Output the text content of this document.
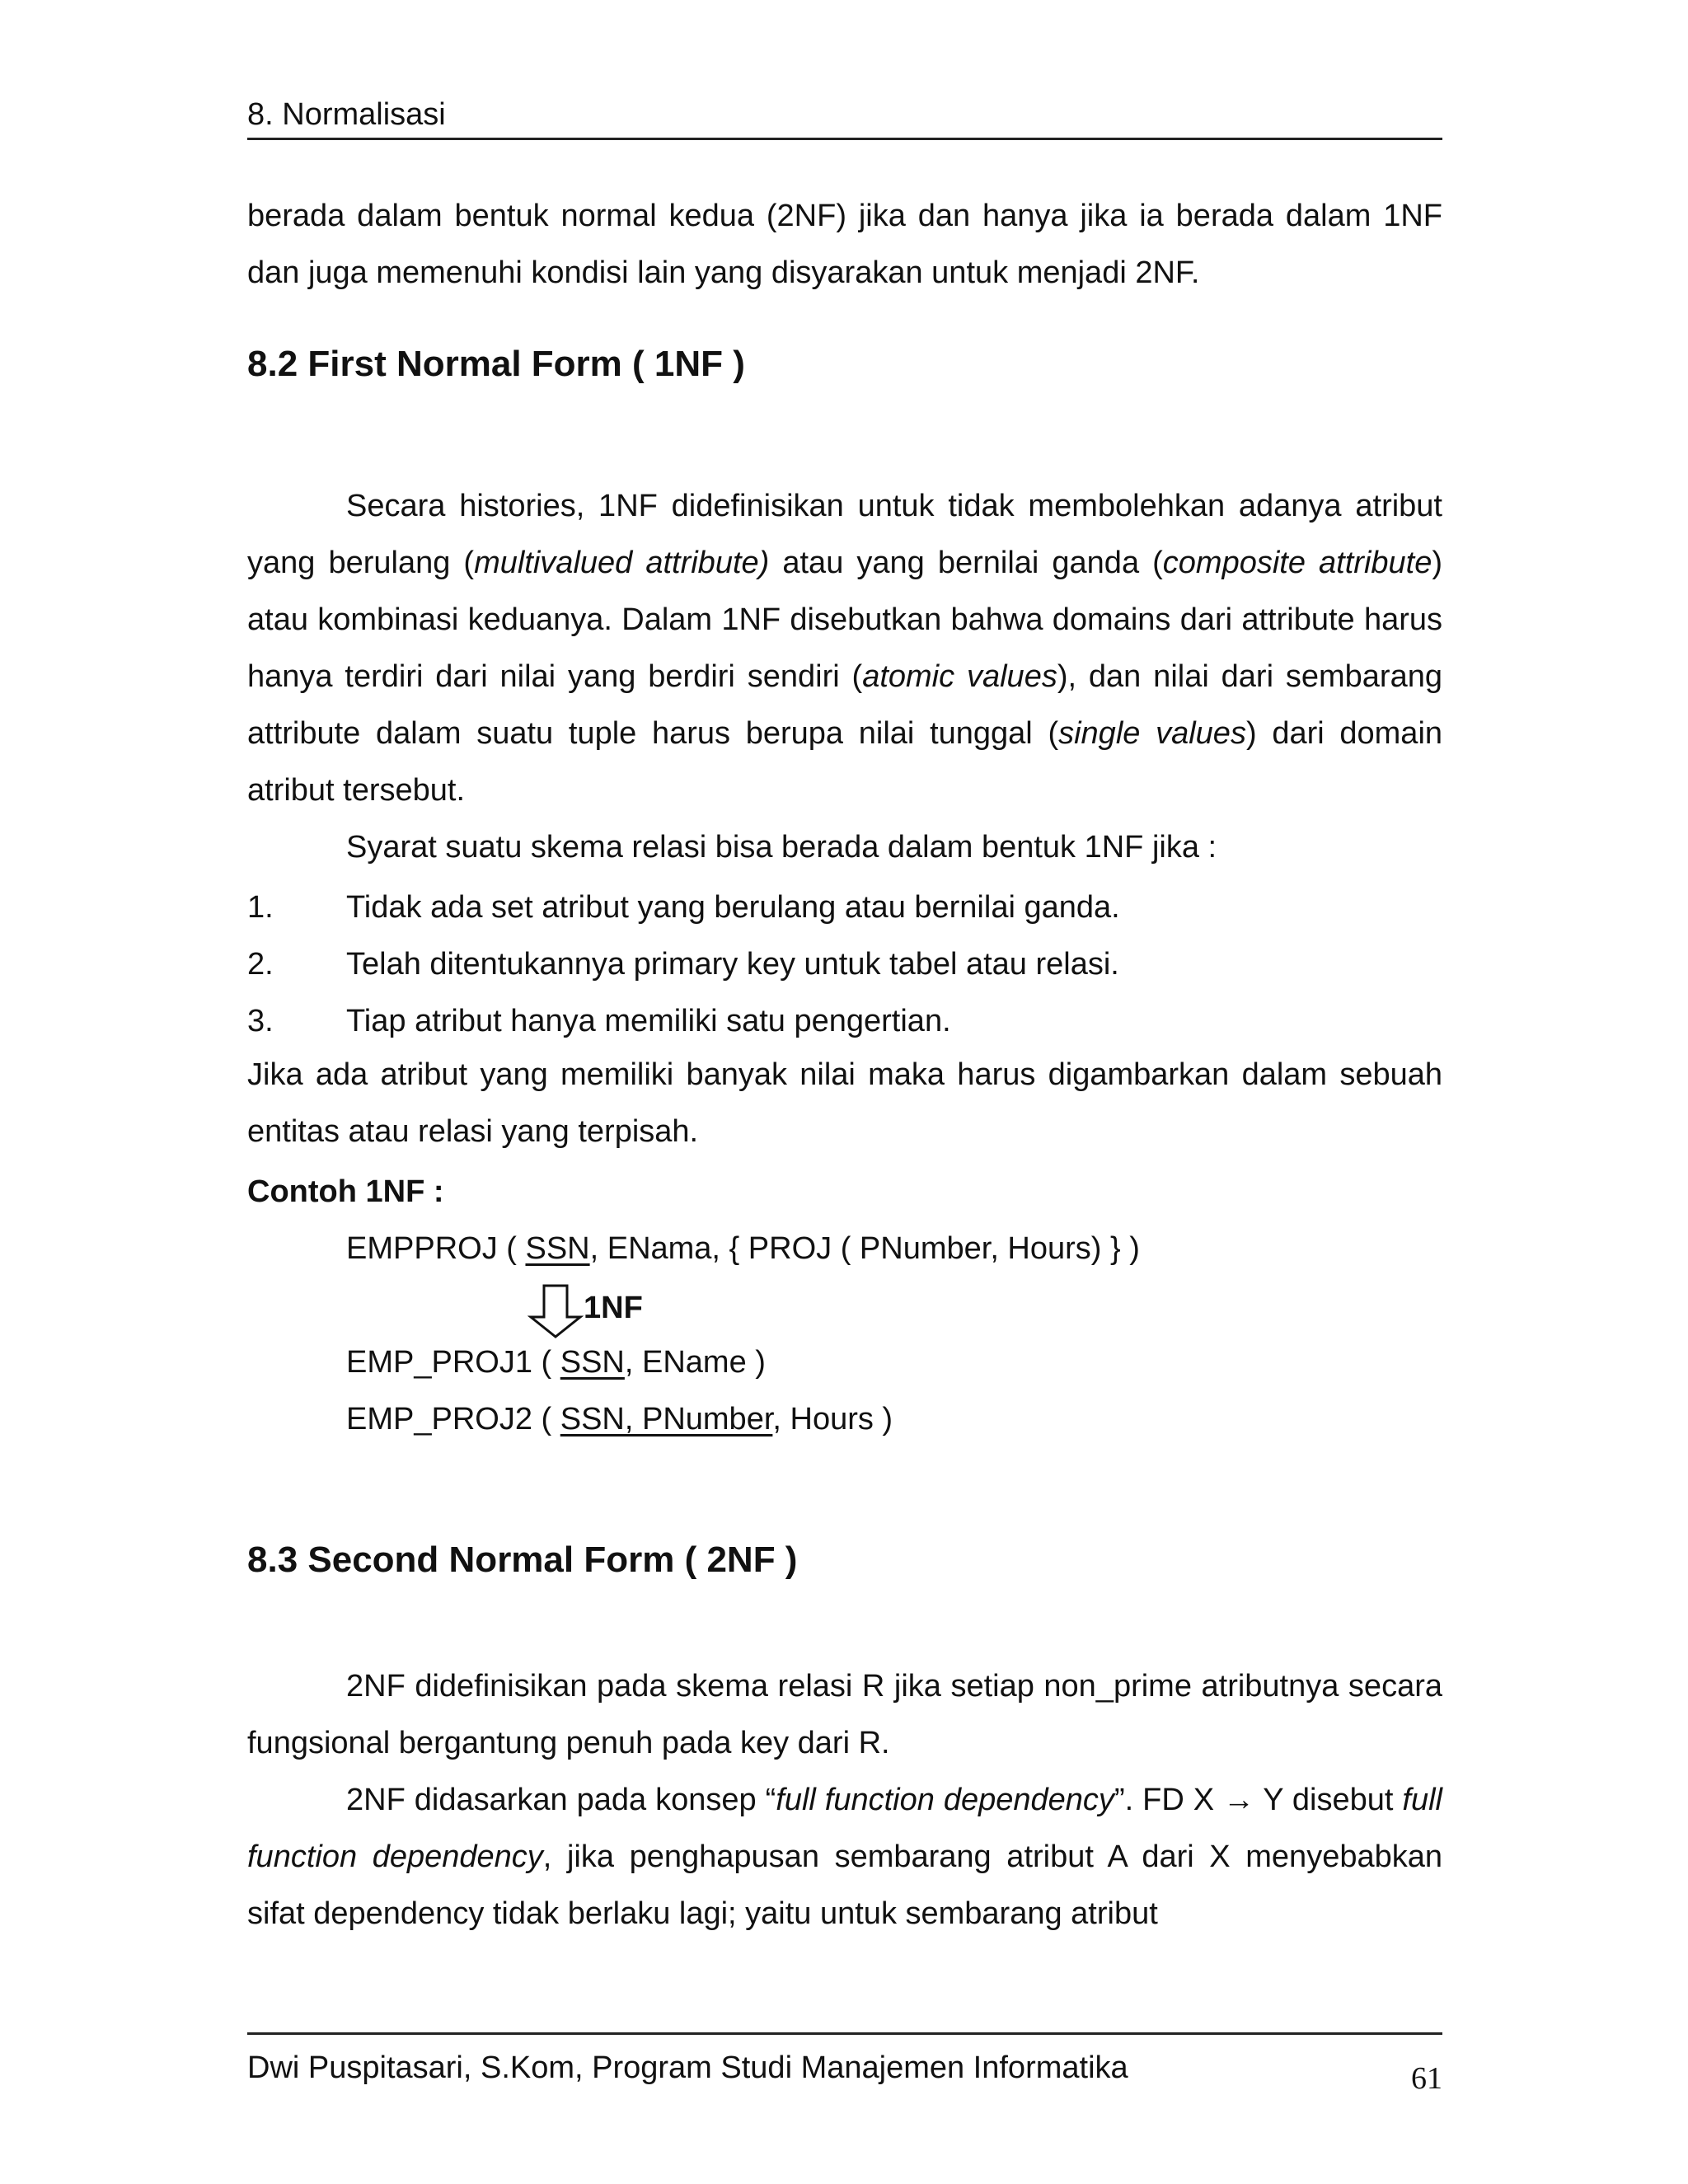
8. Normalisasi
berada dalam bentuk normal kedua (2NF) jika dan hanya jika ia berada dalam 1NF dan juga memenuhi kondisi lain yang disyarakan untuk menjadi 2NF.
8.2 First Normal Form ( 1NF )
Secara histories, 1NF didefinisikan untuk tidak membolehkan adanya atribut yang berulang (multivalued attribute) atau yang bernilai ganda (composite attribute) atau kombinasi keduanya. Dalam 1NF disebutkan bahwa domains dari attribute harus hanya terdiri dari nilai yang berdiri sendiri (atomic values), dan nilai dari sembarang attribute dalam suatu tuple harus berupa nilai tunggal (single values) dari domain atribut tersebut.
Syarat suatu skema relasi bisa berada dalam bentuk 1NF jika :
1. Tidak ada set atribut yang berulang atau bernilai ganda.
2. Telah ditentukannya primary key untuk tabel atau relasi.
3. Tiap atribut hanya memiliki satu pengertian.
Jika ada atribut yang memiliki banyak nilai maka harus digambarkan dalam sebuah entitas atau relasi yang terpisah.
Contoh 1NF :
EMPPROJ ( SSN, ENama, { PROJ ( PNumber, Hours) } )
1NF
EMP_PROJ1 ( SSN, EName )
EMP_PROJ2 ( SSN, PNumber, Hours )
8.3 Second Normal Form ( 2NF )
2NF didefinisikan pada skema relasi R jika setiap non_prime atributnya secara fungsional bergantung penuh pada key dari R.
2NF didasarkan pada konsep “full function dependency”. FD X → Y disebut full function dependency, jika penghapusan sembarang atribut A dari X menyebabkan sifat dependency tidak berlaku lagi; yaitu untuk sembarang atribut
Dwi Puspitasari, S.Kom, Program Studi Manajemen Informatika	61
